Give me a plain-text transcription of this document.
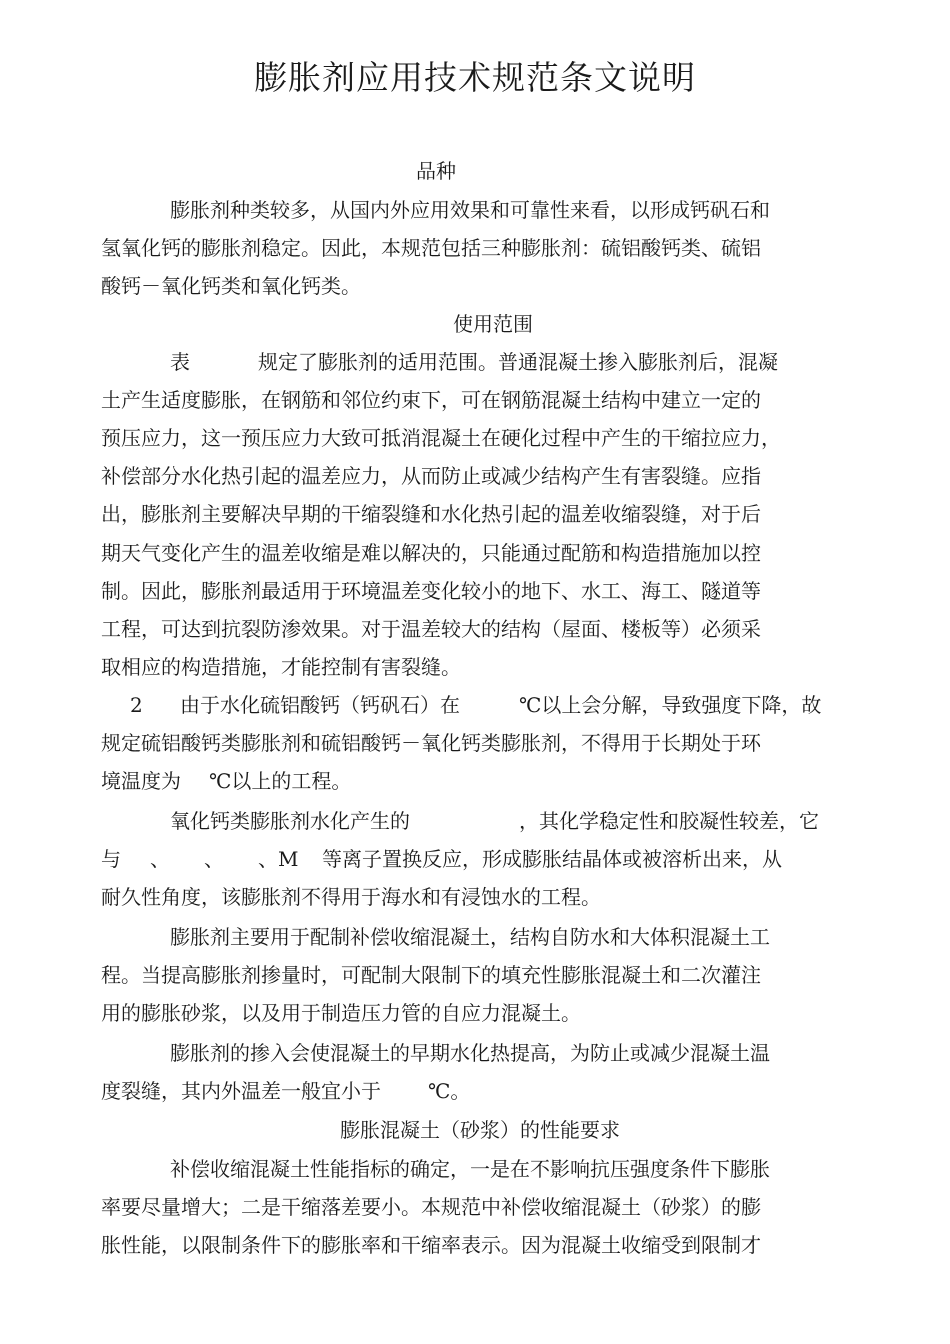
膨胀剂应用技术规范条文说明
品种
膨胀剂种类较多，从国内外应用效果和可靠性来看，以形成钙矾石和
氢氧化钙的膨胀剂稳定。因此，本规范包括三种膨胀剂：硫铝酸钙类、硫铝
酸钙－氧化钙类和氧化钙类。
使用范围
表	规定了膨胀剂的适用范围。普通混凝土掺入膨胀剂后，混凝
土产生适度膨胀，在钢筋和邻位约束下，可在钢筋混凝土结构中建立一定的
预压应力，这一预压应力大致可抵消混凝土在硬化过程中产生的干缩拉应力，
补偿部分水化热引起的温差应力，从而防止或减少结构产生有害裂缝。应指
出，膨胀剂主要解决早期的干缩裂缝和水化热引起的温差收缩裂缝，对于后
期天气变化产生的温差收缩是难以解决的，只能通过配筋和构造措施加以控
制。因此，膨胀剂最适用于环境温差变化较小的地下、水工、海工、隧道等
工程，可达到抗裂防渗效果。对于温差较大的结构（屋面、楼板等）必须采
取相应的构造措施，才能控制有害裂缝。
2 由于水化硫铝酸钙（钙矾石）在	℃以上会分解，导致强度下降，故
规定硫铝酸钙类膨胀剂和硫铝酸钙－氧化钙类膨胀剂，不得用于长期处于环
境温度为 ℃以上的工程。
氧化钙类膨胀剂水化产生的	，其化学稳定性和胶凝性较差，它
与 、 、 、M 等离子置换反应，形成膨胀结晶体或被溶析出来，从
耐久性角度，该膨胀剂不得用于海水和有浸蚀水的工程。
膨胀剂主要用于配制补偿收缩混凝土，结构自防水和大体积混凝土工
程。当提高膨胀剂掺量时，可配制大限制下的填充性膨胀混凝土和二次灌注
用的膨胀砂浆，以及用于制造压力管的自应力混凝土。
膨胀剂的掺入会使混凝土的早期水化热提高，为防止或减少混凝土温
度裂缝，其内外温差一般宜小于 ℃。
膨胀混凝土（砂浆）的性能要求
补偿收缩混凝土性能指标的确定，一是在不影响抗压强度条件下膨胀
率要尽量增大；二是干缩落差要小。本规范中补偿收缩混凝土（砂浆）的膨
胀性能，以限制条件下的膨胀率和干缩率表示。因为混凝土收缩受到限制才
